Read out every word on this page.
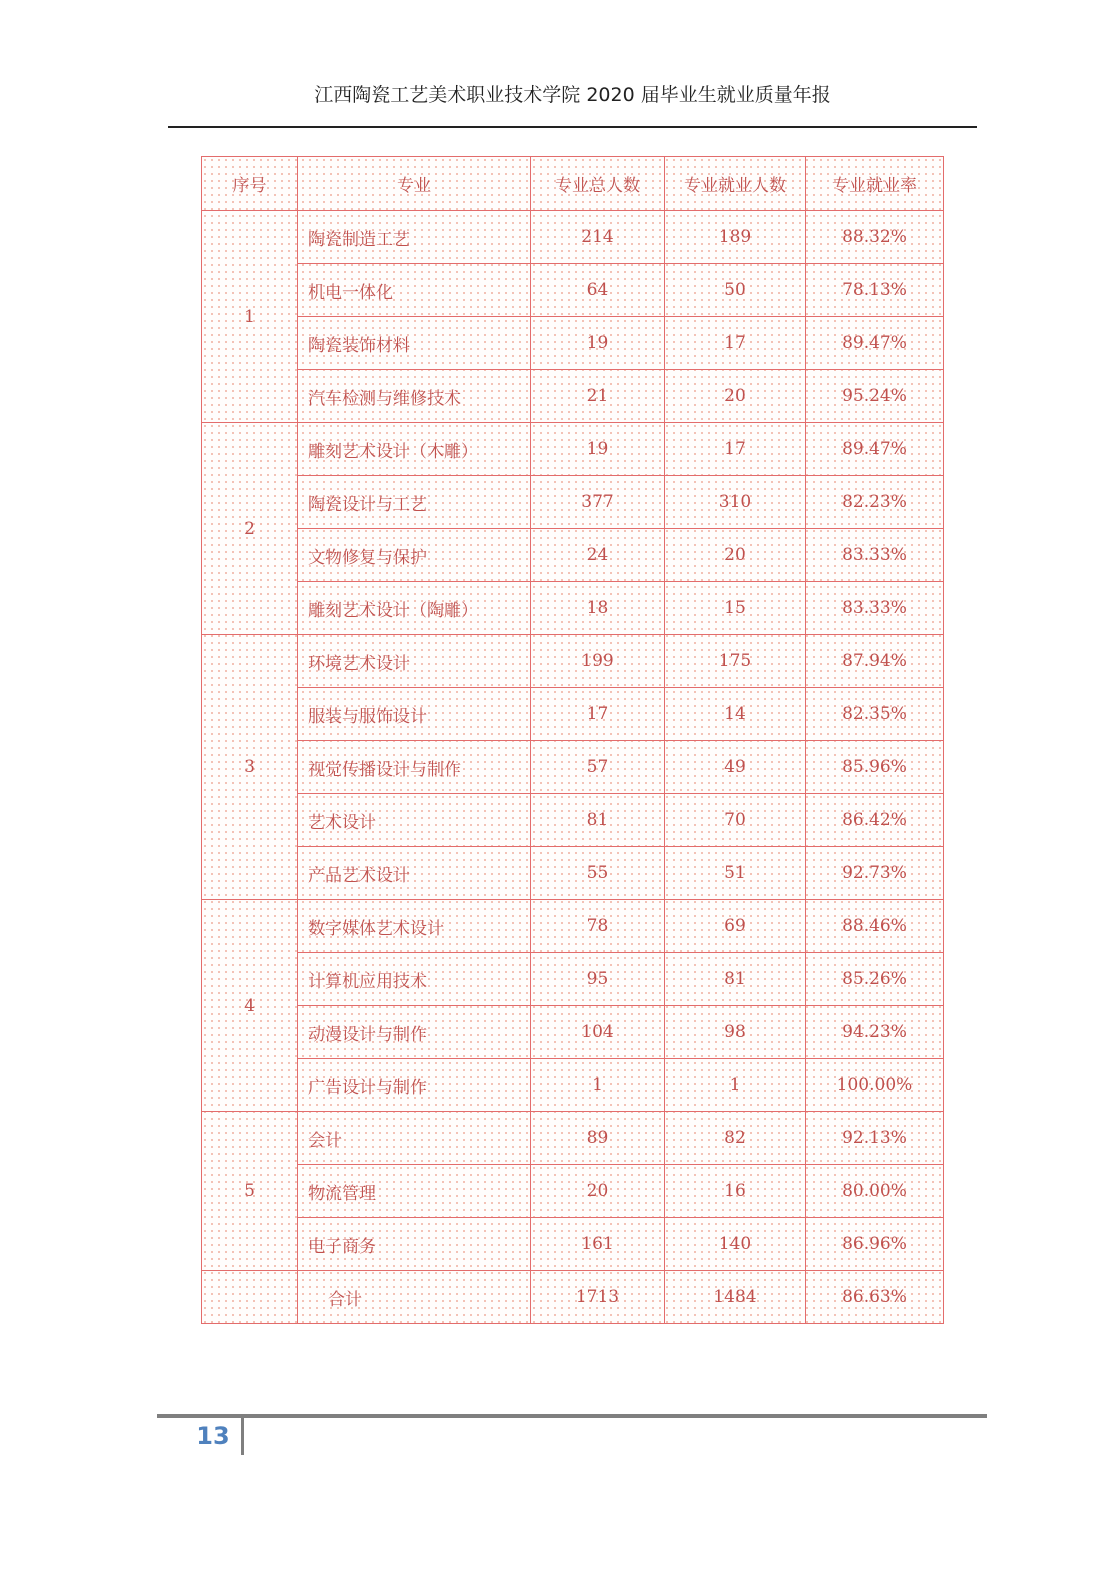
江西陶瓷工艺美术职业技术学院 2020 届毕业生就业质量年报
序号	专业	专业总人数	专业就业人数	专业就业率
1	陶瓷制造工艺	214	189	88.32%
	机电一体化	64	50	78.13%
	陶瓷装饰材料	19	17	89.47%
	汽车检测与维修技术	21	20	95.24%
2	雕刻艺术设计（木雕）	19	17	89.47%
	陶瓷设计与工艺	377	310	82.23%
	文物修复与保护	24	20	83.33%
	雕刻艺术设计（陶雕）	18	15	83.33%
3	环境艺术设计	199	175	87.94%
	服装与服饰设计	17	14	82.35%
	视觉传播设计与制作	57	49	85.96%
	艺术设计	81	70	86.42%
	产品艺术设计	55	51	92.73%
4	数字媒体艺术设计	78	69	88.46%
	计算机应用技术	95	81	85.26%
	动漫设计与制作	104	98	94.23%
	广告设计与制作	1	1	100.00%
5	会计	89	82	92.13%
	物流管理	20	16	80.00%
	电子商务	161	140	86.96%
	合计	1713	1484	86.63%
13
